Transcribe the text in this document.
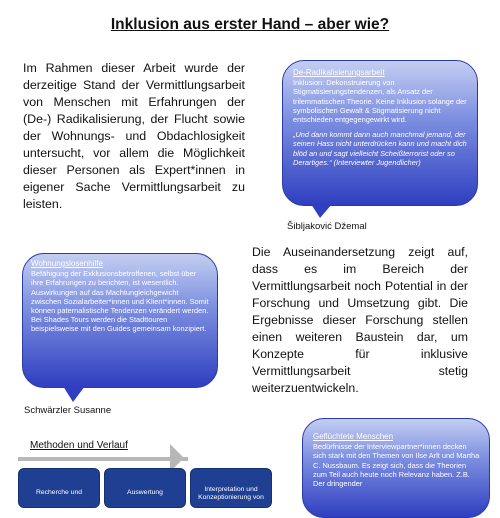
Inklusion aus erster Hand – aber wie?
Im Rahmen dieser Arbeit wurde der derzeitige Stand der Vermittlungsarbeit von Menschen mit Erfahrungen der (De-) Radikalisierung, der Flucht sowie der Wohnungs- und Obdachlosigkeit untersucht, vor allem die Möglichkeit dieser Personen als Expert*innen in eigener Sache Vermittlungsarbeit zu leisten.
De-Radikalisierungsarbeit

Inklusion: Dekonstruierung von Stigmatisierungstendenzen, als Ansatz der trilemmatischen Theorie. Keine Inklusion solange der symbolischen Gewalt & Stigmatisierung nicht entschieden entgegengewirkt wird.

„Und dann kommt dann auch manchmal jemand, der seinen Hass nicht unterdrücken kann und macht dich blöd an und sagt vielleicht Scheißterrorist oder so Derartiges.“ (Interviewter Jugendlicher)

Šibljaković Džemal
Wohnungslosenhilfe

Befähigung der Exklusionsbetroffenen, selbst über ihre Erfahrungen zu berichten, ist wesentlich. Auswirkungen auf das Machtungleichgewicht zwischen Sozialarbeiter*innen und Klient*innen. Somit können paternalistische Tendenzen verändert werden. Bei Shades Tours werden die Stadttouren beispielsweise mit den Guides gemeinsam konzipiert.

Die Auseinandersetzung zeigt auf, dass es im Bereich der Vermittlungsarbeit noch Potential in der Forschung und Umsetzung gibt. Die Ergebnisse dieser Forschung stellen einen weiteren Baustein dar, um Konzepte für inklusive Vermittlungsarbeit stetig weiterzuentwickeln.
Schwärzler Susanne
Methoden und Verlauf
Recherche und	Auswertung	Interpretation und Konzeptionierung von
Geflüchtete Menschen
Bedürfnisse der Interviewpartner*innen decken sich stark mit den Themen von Ilse Arlt und Martha C. Nussbaum. Es zeigt sich, dass die Theorien zum Teil auch heute noch Relevanz haben. Z.B. Der dringender
